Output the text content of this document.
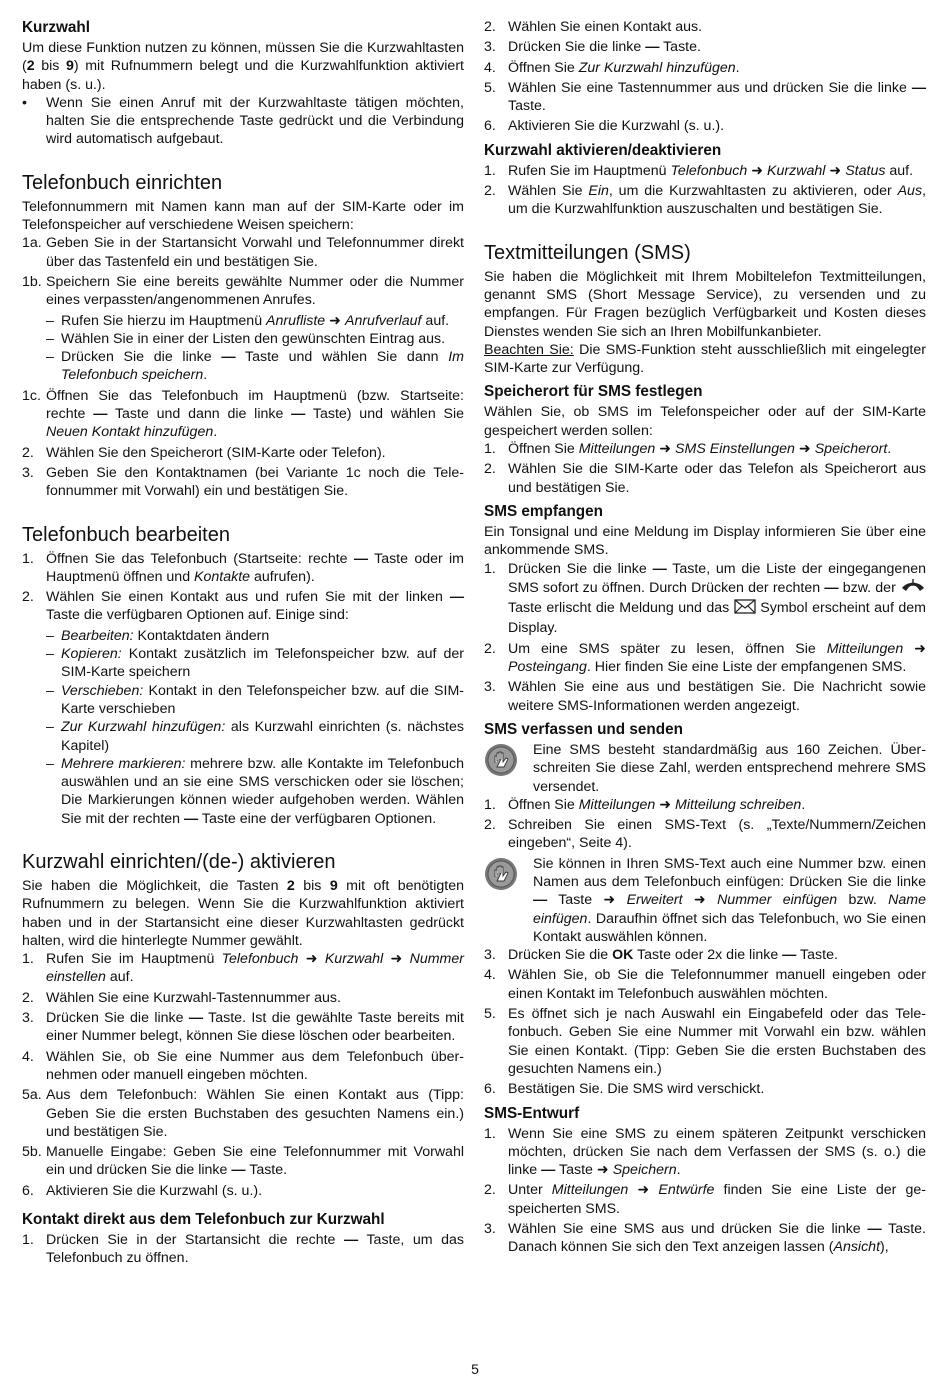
Kurzwahl

Um diese Funktion nutzen zu können, müssen Sie die Kurzwahltasten (2 bis 9) mit Rufnummern belegt und die Kurzwahlfunktion aktiviert haben (s. u.).

•	Wenn Sie einen Anruf mit der Kurzwahltaste tätigen möchten, halten Sie die entsprechende Taste gedrückt und die Verbindung wird automatisch aufgebaut.
Telefonbuch einrichten

Telefonnummern mit Namen kann man auf der SIM-Karte oder im Telefonspeicher auf verschiedene Weisen speichern:

1a. Geben Sie in der Startansicht Vorwahl und Telefonnummer direkt über das Tastenfeld ein und bestätigen Sie.
1b. Speichern Sie eine bereits gewählte Nummer oder die Nummer eines verpassten/angenommenen Anrufes.
– Rufen Sie hierzu im Hauptmenü Anrufliste ➜ Anrufverlauf auf.
– Wählen Sie in einer der Listen den gewünschten Eintrag aus.
– Drücken Sie die linke — Taste und wählen Sie dann Im Telefonbuch speichern.
1c. Öffnen Sie das Telefonbuch im Hauptmenü (bzw. Startseite: rechte — Taste und dann die linke — Taste) und wählen Sie Neuen Kontakt hinzufügen.
2. Wählen Sie den Speicherort (SIM-Karte oder Telefon).
3. Geben Sie den Kontaktnamen (bei Variante 1c noch die Telefonnummer mit Vorwahl) ein und bestätigen Sie.
Telefonbuch bearbeiten
1. Öffnen Sie das Telefonbuch (Startseite: rechte — Taste oder im Hauptmenü öffnen und Kontakte aufrufen).
2. Wählen Sie einen Kontakt aus und rufen Sie mit der linken — Taste die verfügbaren Optionen auf. Einige sind:
– Bearbeiten: Kontaktdaten ändern
– Kopieren: Kontakt zusätzlich im Telefonspeicher bzw. auf der SIM-Karte speichern
– Verschieben: Kontakt in den Telefonspeicher bzw. auf die SIM-Karte verschieben
– Zur Kurzwahl hinzufügen: als Kurzwahl einrichten (s. nächstes Kapitel)
– Mehrere markieren: mehrere bzw. alle Kontakte im Telefonbuch auswählen und an sie eine SMS verschicken oder sie löschen; Die Markierungen können wieder aufgehoben werden. Wählen Sie mit der rechten — Taste eine der verfügbaren Optionen.
Kurzwahl einrichten/(de-) aktivieren

Sie haben die Möglichkeit, die Tasten 2 bis 9 mit oft benötigten Rufnummern zu belegen. Wenn Sie die Kurzwahlfunktion aktiviert haben und in der Startansicht eine dieser Kurzwahltasten gedrückt halten, wird die hinterlegte Nummer gewählt.

1. Rufen Sie im Hauptmenü Telefonbuch ➜ Kurzwahl ➜ Nummer einstellen auf.
2. Wählen Sie eine Kurzwahl-Tastennummer aus.
3. Drücken Sie die linke — Taste. Ist die gewählte Taste bereits mit einer Nummer belegt, können Sie diese löschen oder bearbeiten.
4. Wählen Sie, ob Sie eine Nummer aus dem Telefonbuch übernehmen oder manuell eingeben möchten.
5a. Aus dem Telefonbuch: Wählen Sie einen Kontakt aus (Tipp: Geben Sie die ersten Buchstaben des gesuchten Namens ein.) und bestätigen Sie.
5b. Manuelle Eingabe: Geben Sie eine Telefonnummer mit Vorwahl ein und drücken Sie die linke — Taste.
6. Aktivieren Sie die Kurzwahl (s. u.).
Kontakt direkt aus dem Telefonbuch zur Kurzwahl
1. Drücken Sie in der Startansicht die rechte — Taste, um das Telefonbuch zu öffnen.
2. Wählen Sie einen Kontakt aus.
3. Drücken Sie die linke — Taste.
4. Öffnen Sie Zur Kurzwahl hinzufügen.
5. Wählen Sie eine Tastennummer aus und drücken Sie die linke — Taste.
6. Aktivieren Sie die Kurzwahl (s. u.).
Kurzwahl aktivieren/deaktivieren
1. Rufen Sie im Hauptmenü Telefonbuch ➜ Kurzwahl ➜ Status auf.
2. Wählen Sie Ein, um die Kurzwahltasten zu aktivieren, oder Aus, um die Kurzwahlfunktion auszuschalten und bestätigen Sie.
Textmitteilungen (SMS)

Sie haben die Möglichkeit mit Ihrem Mobiltelefon Textmitteilungen, genannt SMS (Short Message Service), zu versenden und zu empfangen. Für Fragen bezüglich Verfügbarkeit und Kosten dieses Dienstes wenden Sie sich an Ihren Mobilfunkanbieter.

Beachten Sie: Die SMS-Funktion steht ausschließlich mit eingelegter SIM-Karte zur Verfügung.

Speicherort für SMS festlegen

Wählen Sie, ob SMS im Telefonspeicher oder auf der SIM-Karte gespeichert werden sollen:

1. Öffnen Sie Mitteilungen ➜ SMS Einstellungen ➜ Speicherort.
2. Wählen Sie die SIM-Karte oder das Telefon als Speicherort aus und bestätigen Sie.
SMS empfangen

Ein Tonsignal und eine Meldung im Display informieren Sie über eine ankommende SMS.

1. Drücken Sie die linke — Taste, um die Liste der eingegangenen SMS sofort zu öffnen. Durch Drücken der rechten — bzw. der  Taste erlischt die Meldung und das  Symbol erscheint auf dem Display.
2. Um eine SMS später zu lesen, öffnen Sie Mitteilungen ➜ Posteingang. Hier finden Sie eine Liste der empfangenen SMS.
3. Wählen Sie eine aus und bestätigen Sie. Die Nachricht sowie weitere SMS-Informationen werden angezeigt.
SMS verfassen und senden
Eine SMS besteht standardmäßig aus 160 Zeichen. Überschreiten Sie diese Zahl, werden entsprechend mehrere SMS versendet.
1. Öffnen Sie Mitteilungen ➜ Mitteilung schreiben.
2. Schreiben Sie einen SMS-Text (s. „Texte/Nummern/Zeichen eingeben“, Seite 4).
Sie können in Ihren SMS-Text auch eine Nummer bzw. einen Namen aus dem Telefonbuch einfügen: Drücken Sie die linke — Taste ➜ Erweitert ➜ Nummer einfügen bzw. Name einfügen. Daraufhin öffnet sich das Telefonbuch, wo Sie einen Kontakt auswählen können.
3. Drücken Sie die OK Taste oder 2x die linke — Taste.
4. Wählen Sie, ob Sie die Telefonnummer manuell eingeben oder einen Kontakt im Telefonbuch auswählen möchten.
5. Es öffnet sich je nach Auswahl ein Eingabefeld oder das Telefonbuch. Geben Sie eine Nummer mit Vorwahl ein bzw. wählen Sie einen Kontakt. (Tipp: Geben Sie die ersten Buchstaben des gesuchten Namens ein.)
6. Bestätigen Sie. Die SMS wird verschickt.
SMS-Entwurf
1. Wenn Sie eine SMS zu einem späteren Zeitpunkt verschicken möchten, drücken Sie nach dem Verfassen der SMS (s. o.) die linke — Taste ➜ Speichern.
2. Unter Mitteilungen ➜ Entwürfe finden Sie eine Liste der gespeicherten SMS.
3. Wählen Sie eine SMS aus und drücken Sie die linke — Taste. Danach können Sie sich den Text anzeigen lassen (Ansicht),
5
